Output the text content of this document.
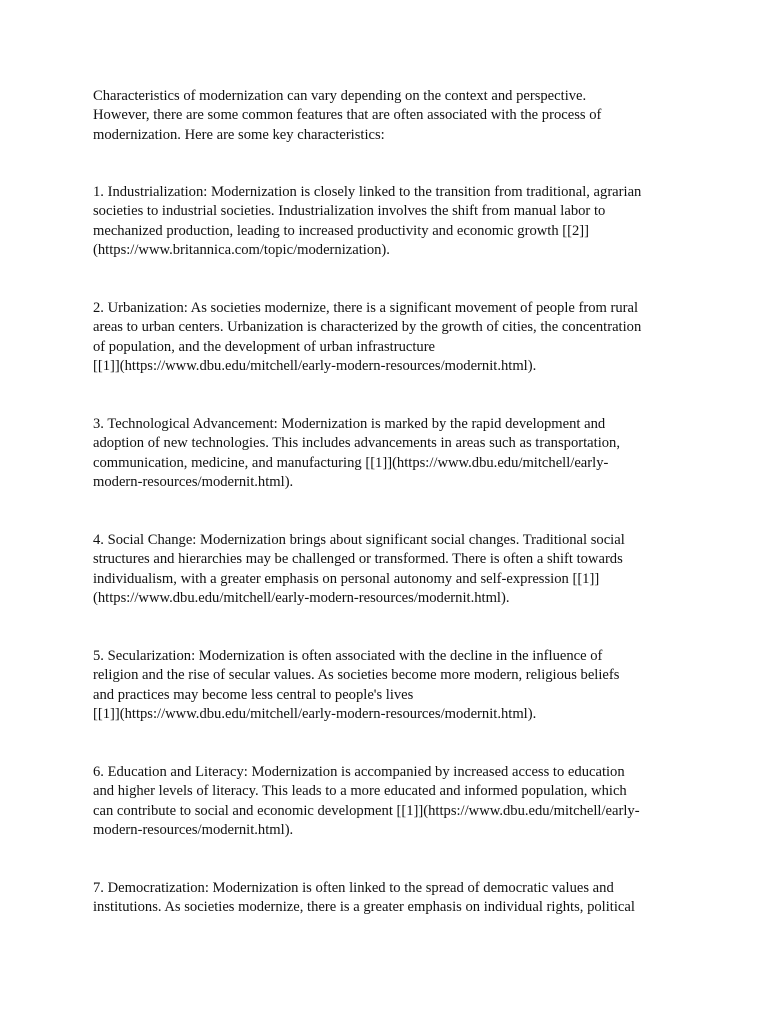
Characteristics of modernization can vary depending on the context and perspective.
However, there are some common features that are often associated with the process of
modernization. Here are some key characteristics:

1. Industrialization: Modernization is closely linked to the transition from traditional, agrarian
societies to industrial societies. Industrialization involves the shift from manual labor to
mechanized production, leading to increased productivity and economic growth [[2]]
(https://www.britannica.com/topic/modernization).

2. Urbanization: As societies modernize, there is a significant movement of people from rural
areas to urban centers. Urbanization is characterized by the growth of cities, the concentration
of population, and the development of urban infrastructure
[[1]](https://www.dbu.edu/mitchell/early-modern-resources/modernit.html).

3. Technological Advancement: Modernization is marked by the rapid development and
adoption of new technologies. This includes advancements in areas such as transportation,
communication, medicine, and manufacturing [[1]](https://www.dbu.edu/mitchell/early-
modern-resources/modernit.html).

4. Social Change: Modernization brings about significant social changes. Traditional social
structures and hierarchies may be challenged or transformed. There is often a shift towards
individualism, with a greater emphasis on personal autonomy and self-expression [[1]]
(https://www.dbu.edu/mitchell/early-modern-resources/modernit.html).

5. Secularization: Modernization is often associated with the decline in the influence of
religion and the rise of secular values. As societies become more modern, religious beliefs
and practices may become less central to people's lives
[[1]](https://www.dbu.edu/mitchell/early-modern-resources/modernit.html).

6. Education and Literacy: Modernization is accompanied by increased access to education
and higher levels of literacy. This leads to a more educated and informed population, which
can contribute to social and economic development [[1]](https://www.dbu.edu/mitchell/early-
modern-resources/modernit.html).

7. Democratization: Modernization is often linked to the spread of democratic values and
institutions. As societies modernize, there is a greater emphasis on individual rights, political
